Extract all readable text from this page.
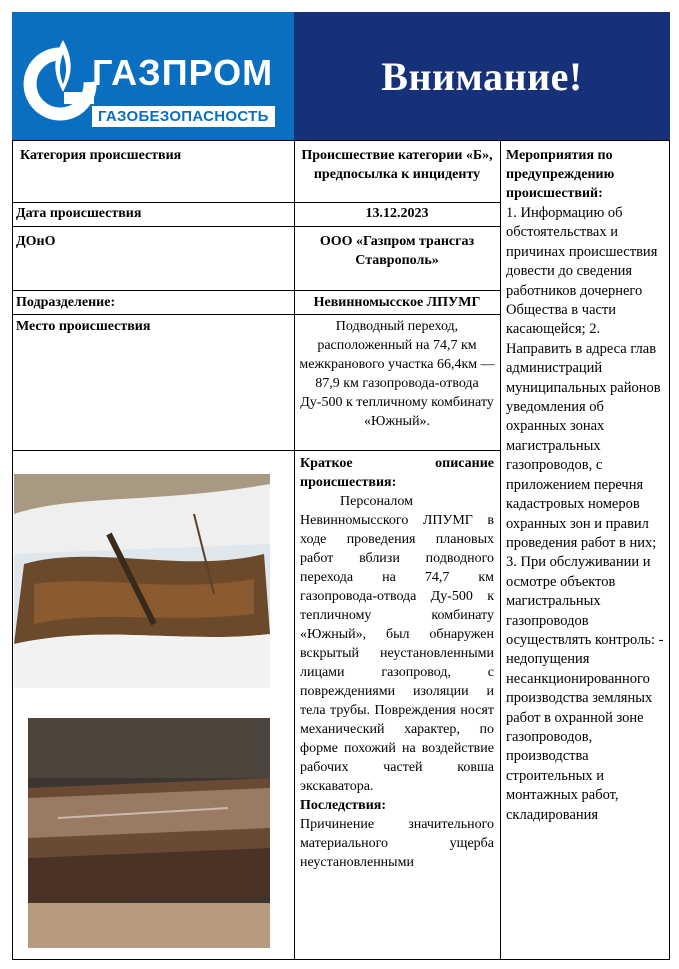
ГАЗПРОМ
ГАЗОБЕЗОПАСНОСТЬ
Внимание!
Категория происшествия	Происшествие категории «Б», предпосылка к инциденту
Мероприятия по предупреждению происшествий:
Дата происшествия	13.12.2023
ДОнО	ООО «Газпром трансгаз Ставрополь»
Подразделение:	Невинномысское ЛПУМГ
Место происшествия	Подводный переход, расположенный на 74,7 км межкранового участка 66,4км — 87,9 км газопровода-отвода Ду-500 к тепличному комбинату «Южный».
Краткое описание происшествия:
Персоналом Невинномысского ЛПУМГ в ходе проведения плановых работ вблизи подводного перехода на 74,7 км газопровода-отвода Ду-500 к тепличному комбинату «Южный», был обнаружен вскрытый неустановленными лицами газопровод, с повреждениями изоляции и тела трубы. Повреждения носят механический характер, по форме похожий на воздействие рабочих частей ковша экскаватора.
Последствия:
Причинение значительного материального ущерба неустановленными
1. Информацию об обстоятельствах и причинах происшествия довести до сведения работников дочернего Общества в части касающейся; 2. Направить в адреса глав администраций муниципальных районов уведомления об охранных зонах магистральных газопроводов, с приложением перечня кадастровых номеров охранных зон и правил проведения работ в них; 3. При обслуживании и осмотре объектов магистральных газопроводов осуществлять контроль: - недопущения несанкционированного производства земляных работ в охранной зоне газопроводов, производства строительных и монтажных работ, складирования
